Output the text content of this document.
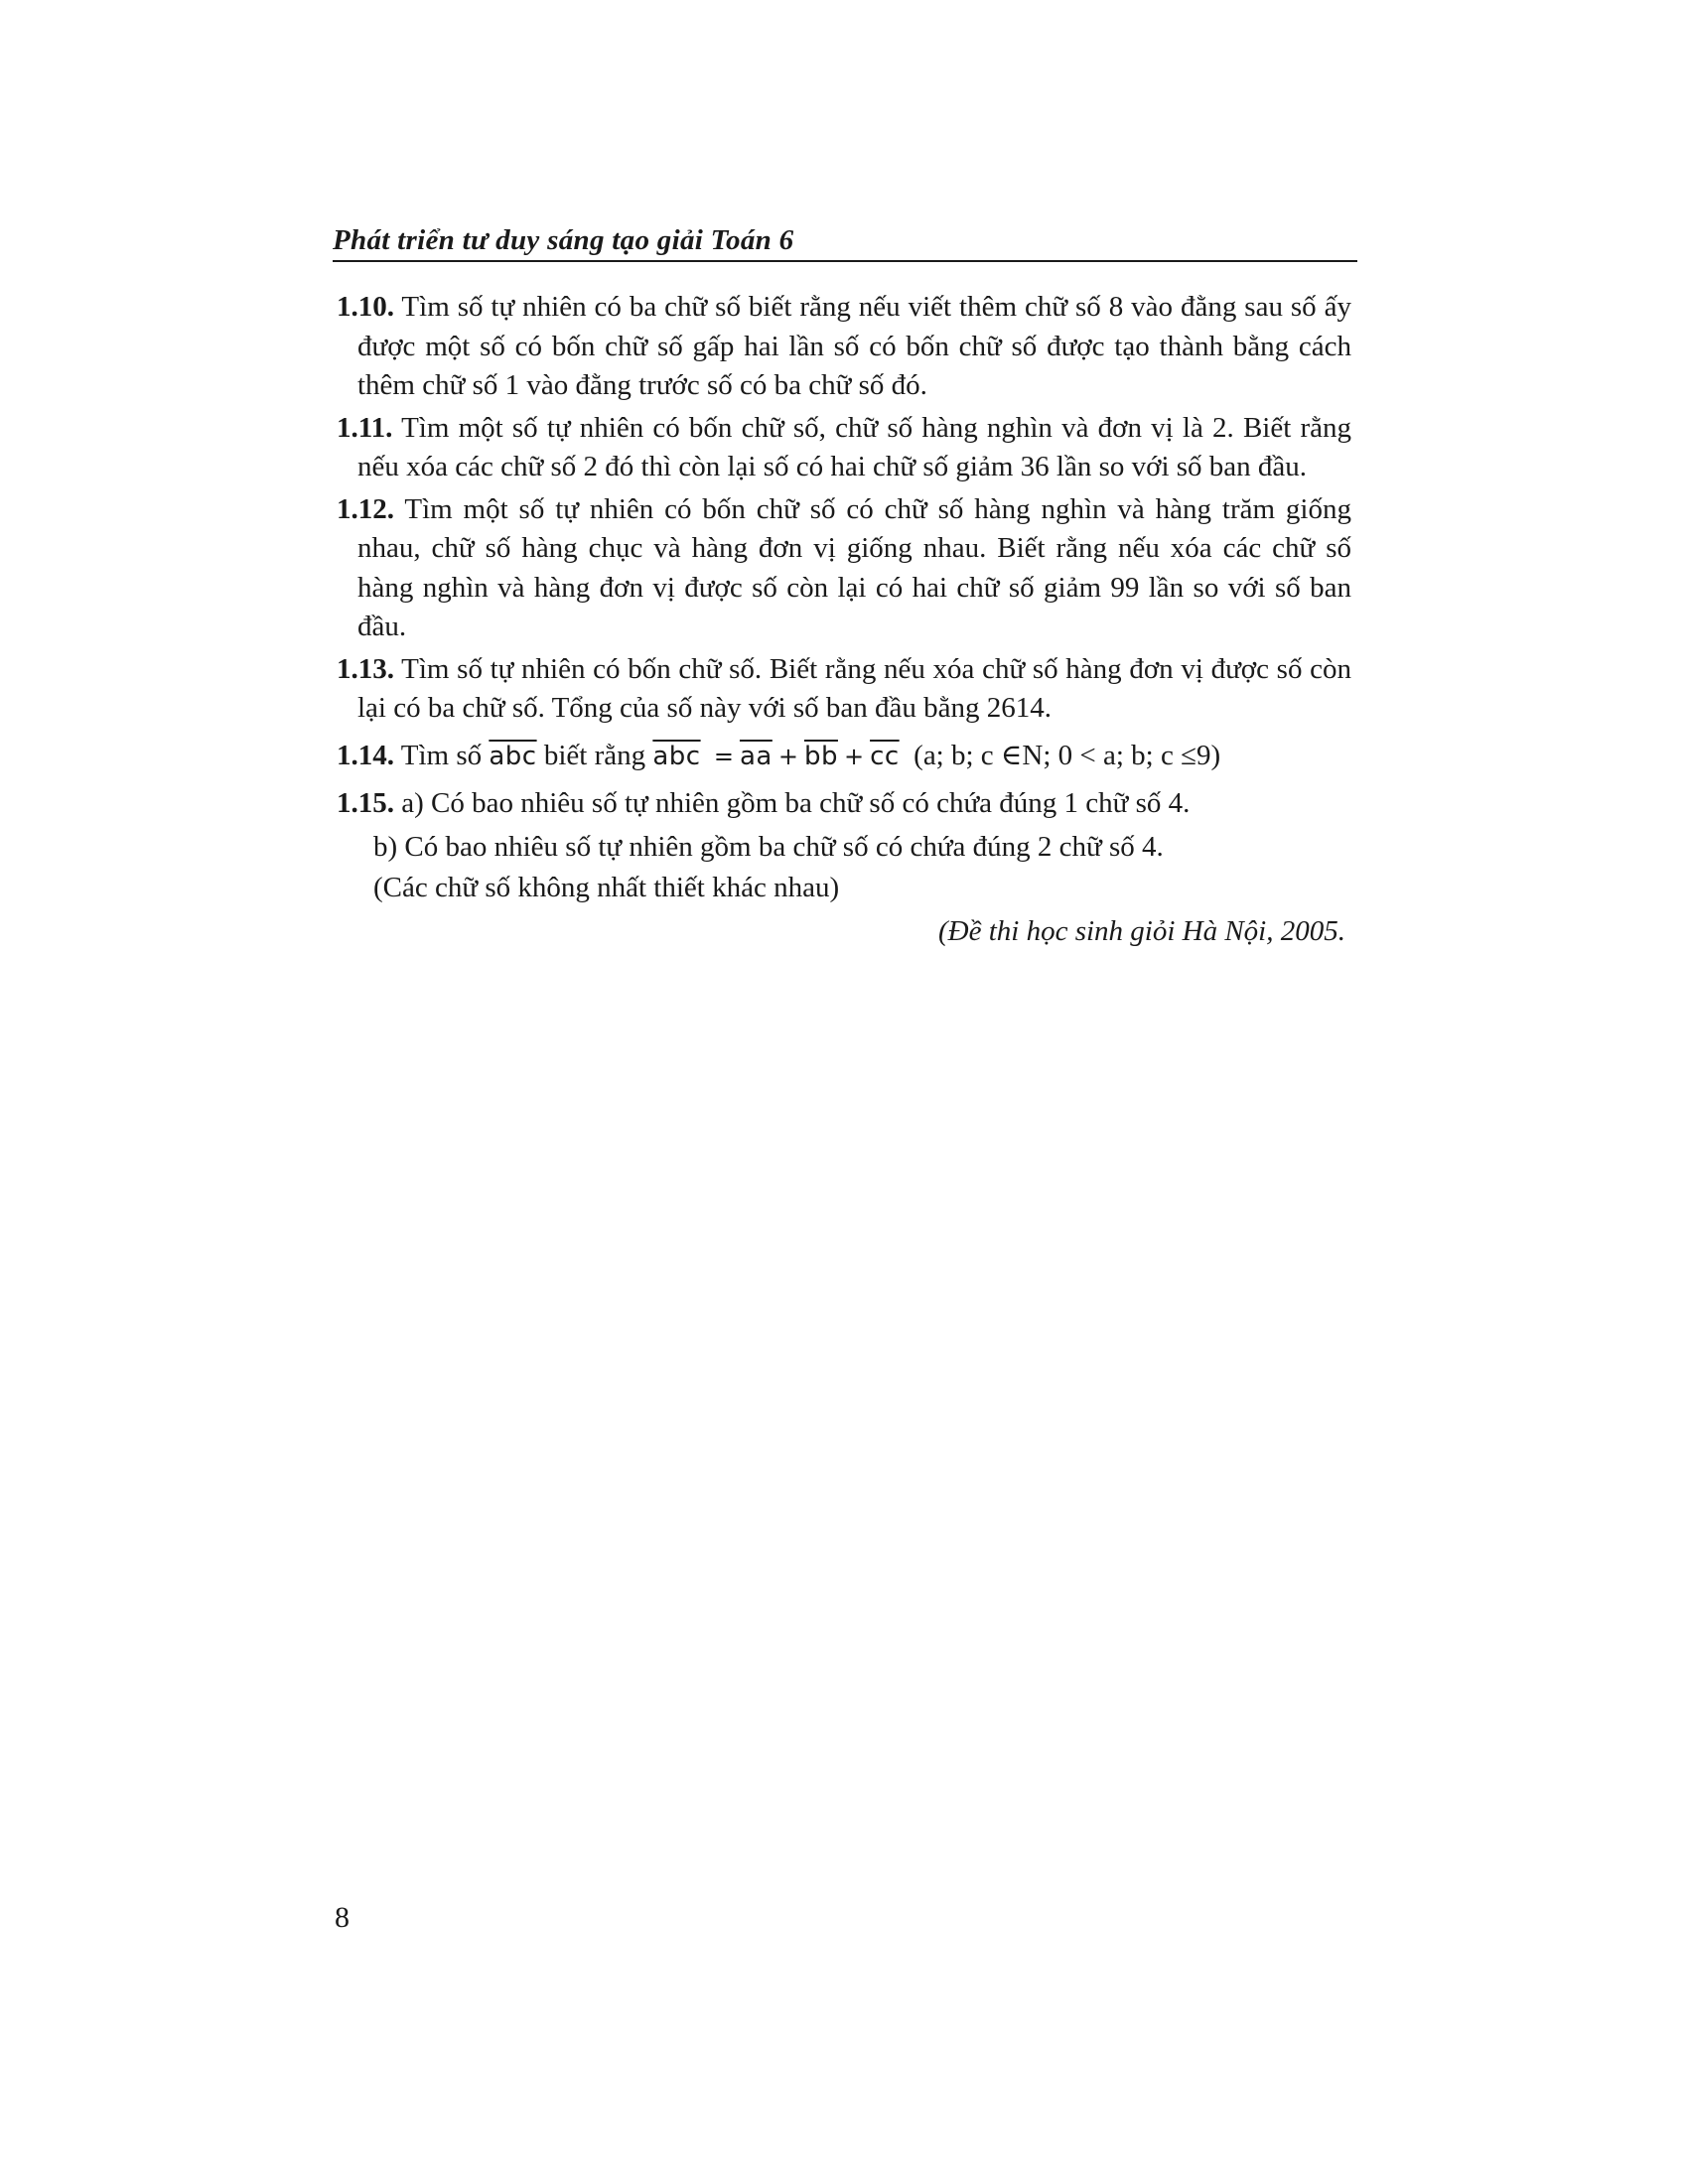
Phát triển tư duy sáng tạo giải Toán 6

1.10. Tìm số tự nhiên có ba chữ số biết rằng nếu viết thêm chữ số 8 vào đằng sau số ấy được một số có bốn chữ số gấp hai lần số có bốn chữ số được tạo thành bằng cách thêm chữ số 1 vào đằng trước số có ba chữ số đó.

1.11. Tìm một số tự nhiên có bốn chữ số, chữ số hàng nghìn và đơn vị là 2. Biết rằng nếu xóa các chữ số 2 đó thì còn lại số có hai chữ số giảm 36 lần so với số ban đầu.

1.12. Tìm một số tự nhiên có bốn chữ số có chữ số hàng nghìn và hàng trăm giống nhau, chữ số hàng chục và hàng đơn vị giống nhau. Biết rằng nếu xóa các chữ số hàng nghìn và hàng đơn vị được số còn lại có hai chữ số giảm 99 lần so với số ban đầu.

1.13. Tìm số tự nhiên có bốn chữ số. Biết rằng nếu xóa chữ số hàng đơn vị được số còn lại có ba chữ số. Tổng của số này với số ban đầu bằng 2614.

1.14. Tìm số $\overline{abc}$ biết rằng $\overline{abc} = \overline{aa} + \overline{bb} + \overline{cc}$ (a; b; c ∈N; 0 < a; b; c ≤9)
1.15. a) Có bao nhiêu số tự nhiên gồm ba chữ số có chứa đúng 1 chữ số 4.
b) Có bao nhiêu số tự nhiên gồm ba chữ số có chứa đúng 2 chữ số 4.
(Các chữ số không nhất thiết khác nhau)
(Đề thi học sinh giỏi Hà Nội, 2005.
8
